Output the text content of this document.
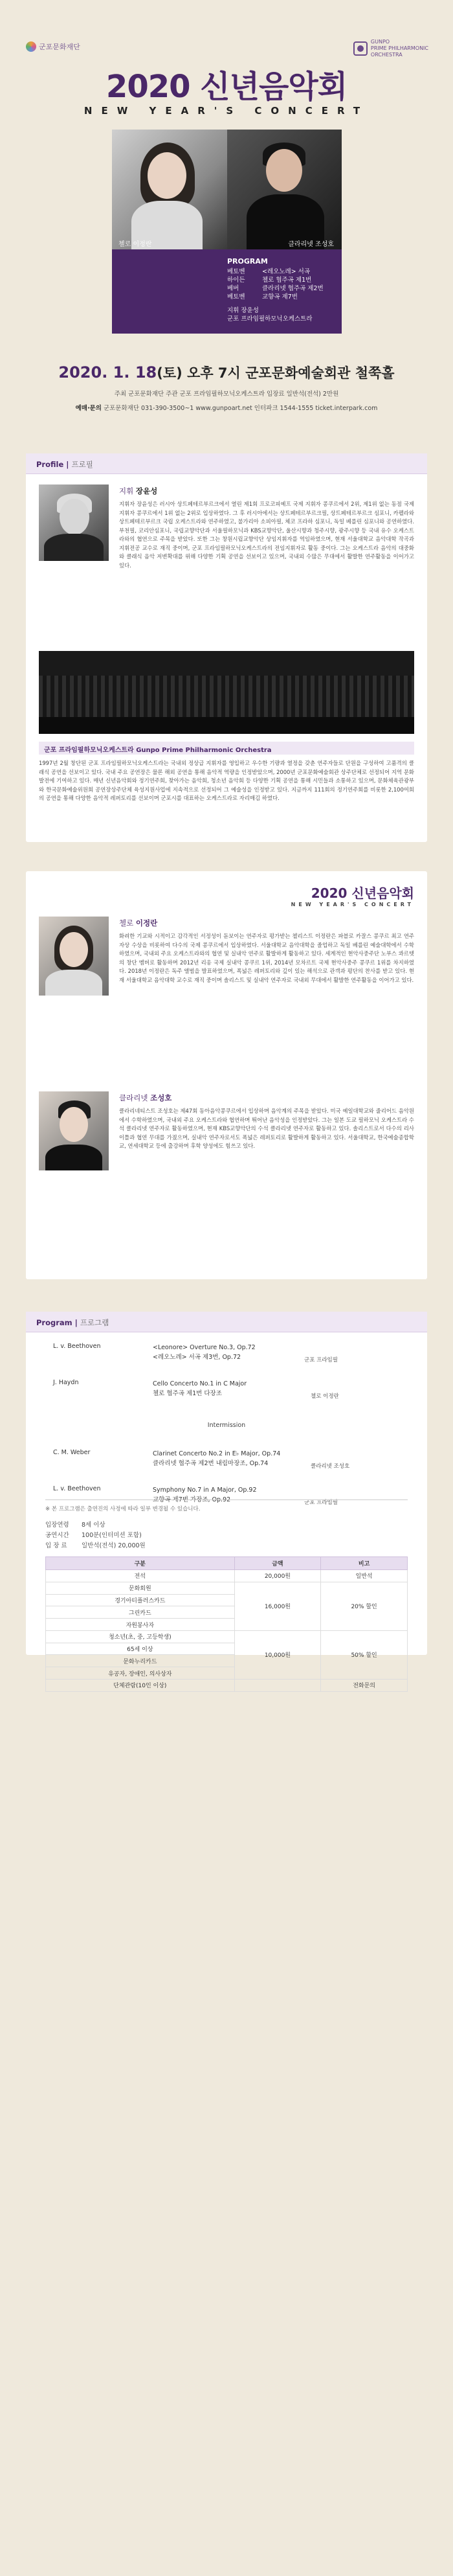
군포문화재단
GUNPO
PRIME PHILHARMONIC
ORCHESTRA
2020 신년음악회
NEW YEAR'S CONCERT
첼로 이정란	클라리넷 조성호
PROGRAM
베토벤	<레오노레> 서곡
하이든	첼로 협주곡 제1번
베버	클라리넷 협주곡 제2번
베토벤	교향곡 제7번
지휘 장윤성
군포 프라임필하모닉오케스트라
2020. 1. 18(토) 오후 7시 군포문화예술회관 철쭉홀
주최 군포문화재단 주관 군포 프라임필하모닉오케스트라 입장료 일반석(전석) 2만원
예매·문의 군포문화재단 031-390-3500~1 www.gunpoart.net 인터파크 1544-1555 ticket.interpark.com
Profile | 프로필
지휘 장윤성
지휘자 장윤성은 러시아 상트페테르부르크에서 열린 제1회 프로코피예프 국제 지휘자 콩쿠르에서 2위, 제1위 없는 동점 국제 지휘자 콩쿠르에서 1위 없는 2위로 입상하였다. 그 후 러시아에서는 상트페테르부르크필, 상트페테르부르크 심포니, 카펠라와 상트페테르부르크 국립 오케스트라와 연주하였고, 불가리아 소피아필, 체코 프라하 심포니, 독일 베를린 심포니와 공연하였다. 부천필, 코리안심포니, 국립교향악단과 서울필하모닉과 KBS교향악단, 울산시향과 청주시향, 광주시향 등 국내 유수 오케스트라와의 협연으로 주목을 받았다. 또한 그는 창원시립교향악단 상임지휘자를 역임하였으며, 현재 서울대학교 음악대학 작곡과 지휘전공 교수로 재직 중이며, 군포 프라임필하모닉오케스트라의 전임지휘자로 활동 중이다. 그는 오케스트라 음악의 대중화와 클래식 음악 저변확대를 위해 다양한 기획 공연을 선보이고 있으며, 국내외 수많은 무대에서 활발한 연주활동을 이어가고 있다.
군포 프라임필하모닉오케스트라 Gunpo Prime Philharmonic Orchestra
1997년 2월 창단된 군포 프라임필하모닉오케스트라는 국내외 정상급 지휘자를 영입하고 우수한 기량과 열정을 갖춘 연주자들로 단원을 구성하여 고품격의 클래식 공연을 선보이고 있다. 국내 주요 공연장은 물론 해외 공연을 통해 음악적 역량을 인정받았으며, 2000년 군포문화예술회관 상주단체로 선정되어 지역 문화 발전에 기여하고 있다. 매년 신년음악회와 정기연주회, 찾아가는 음악회, 청소년 음악회 등 다양한 기획 공연을 통해 시민들과 소통하고 있으며, 문화체육관광부와 한국문화예술위원회 공연장상주단체 육성지원사업에 지속적으로 선정되어 그 예술성을 인정받고 있다. 지금까지 111회의 정기연주회를 비롯한 2,100여회의 공연을 통해 다양한 음악적 레퍼토리를 선보이며 군포시를 대표하는 오케스트라로 자리매김 하였다.
2020 신년음악회
NEW YEAR'S CONCERT
첼로 이정란
화려한 기교와 시적이고 감각적인 서정성이 돋보이는 연주자로 평가받는 첼리스트 이정란은 파블로 카잘스 콩쿠르 최고 연주자상 수상을 비롯하여 다수의 국제 콩쿠르에서 입상하였다. 서울대학교 음악대학을 졸업하고 독일 베를린 예술대학에서 수학하였으며, 국내외 주요 오케스트라와의 협연 및 실내악 연주로 활발하게 활동하고 있다. 세계적인 현악사중주단 노부스 콰르텟의 창단 멤버로 활동하며 2012년 리옹 국제 실내악 콩쿠르 1위, 2014년 모차르트 국제 현악사중주 콩쿠르 1위를 차지하였다. 2018년 이정란은 독주 앨범을 발표하였으며, 폭넓은 레퍼토리와 깊이 있는 해석으로 관객과 평단의 찬사를 받고 있다. 현재 서울대학교 음악대학 교수로 재직 중이며 솔리스트 및 실내악 연주자로 국내외 무대에서 활발한 연주활동을 이어가고 있다.
클라리넷 조성호
클라리네티스트 조성호는 제47회 동아음악콩쿠르에서 입상하며 음악계의 주목을 받았다. 미국 예일대학교와 줄리어드 음악원에서 수학하였으며, 국내외 주요 오케스트라와 협연하며 뛰어난 음악성을 인정받았다. 그는 일본 도쿄 필하모닉 오케스트라 수석 클라리넷 연주자로 활동하였으며, 현재 KBS교향악단의 수석 클라리넷 연주자로 활동하고 있다. 솔리스트로서 다수의 리사이틀과 협연 무대를 가졌으며, 실내악 연주자로서도 폭넓은 레퍼토리로 활발하게 활동하고 있다. 서울대학교, 한국예술종합학교, 연세대학교 등에 출강하며 후학 양성에도 힘쓰고 있다.
Program | 프로그램
L. v. Beethoven	<Leonore> Overture No.3, Op.72
<레오노레> 서곡 제3번, Op.72	군포 프라임필
J. Haydn	Cello Concerto No.1 in C Major
첼로 협주곡 제1번 다장조	첼로 이정란
Intermission
C. M. Weber	Clarinet Concerto No.2 in E♭ Major, Op.74
클라리넷 협주곡 제2번 내림마장조, Op.74	클라리넷 조성호
L. v. Beethoven	Symphony No.7 in A Major, Op.92
교향곡 제7번 가장조, Op.92	군포 프라임필
※ 본 프로그램은 출연진의 사정에 따라 일부 변경될 수 있습니다.
입장연령 8세 이상
공연시간 100분(인터미션 포함)
입 장 료 일반석(전석) 20,000원
구분	금액	비고
전석	20,000원	일반석
문화회원	16,000원	20% 할인
경기아티플러스카드		
그린카드		
자원봉사자		
청소년(초, 중, 고등학생)	10,000원	50% 할인
65세 이상		
문화누리카드		
유공자, 장애인, 의사상자		
단체관람(10인 이상)		전화문의
